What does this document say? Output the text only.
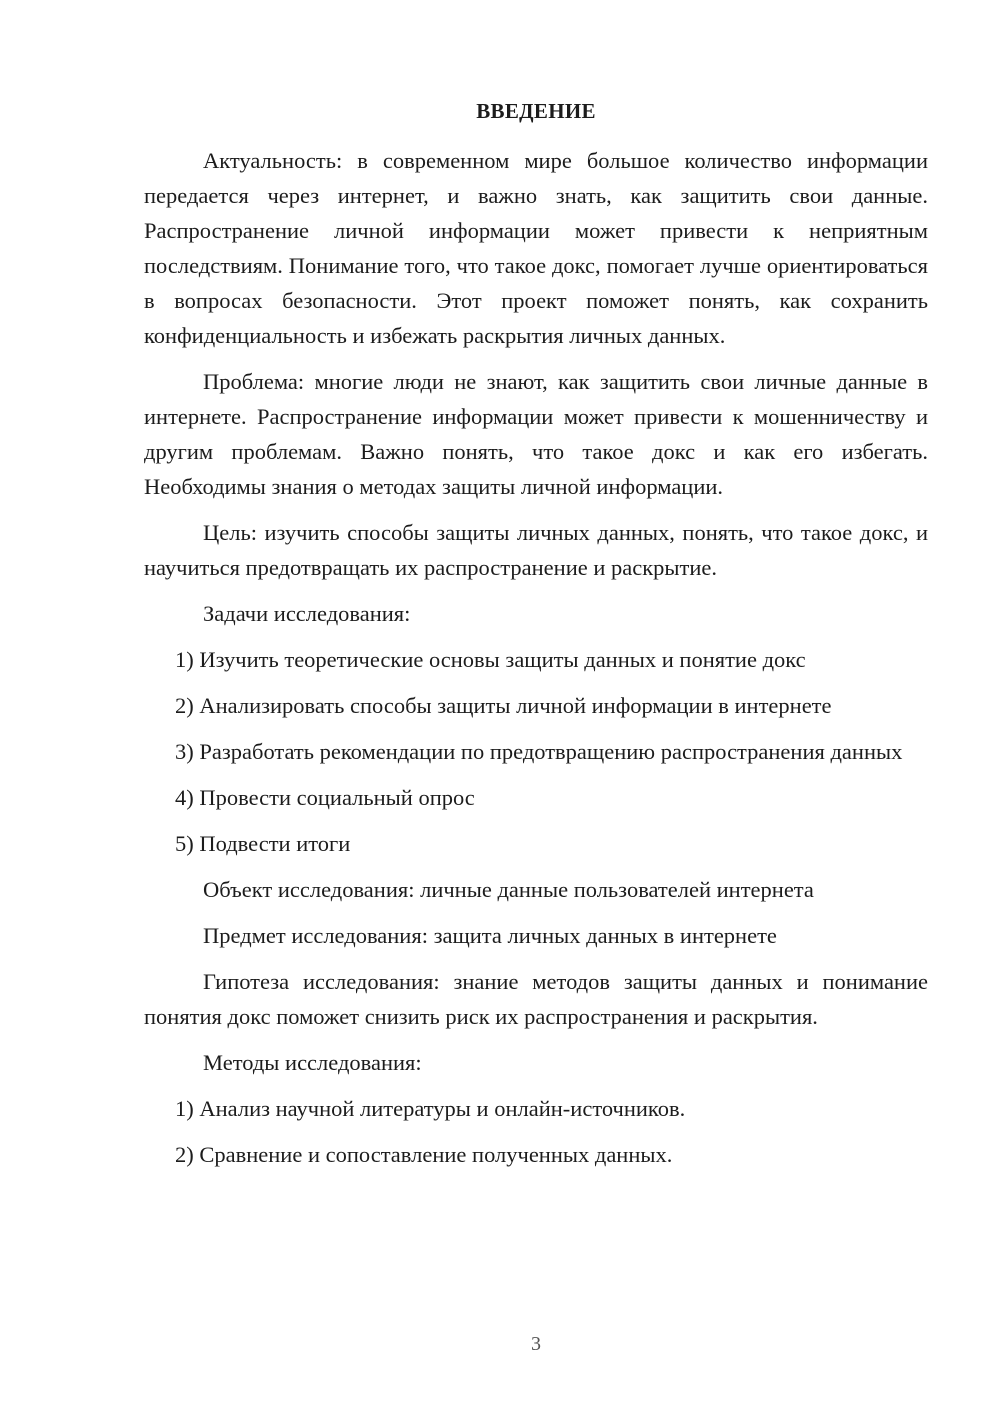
ВВЕДЕНИЕ

Актуальность: в современном мире большое количество информации передается через интернет, и важно знать, как защитить свои данные. Распространение личной информации может привести к неприятным последствиям. Понимание того, что такое докс, помогает лучше ориентироваться в вопросах безопасности. Этот проект поможет понять, как сохранить конфиденциальность и избежать раскрытия личных данных.

Проблема: многие люди не знают, как защитить свои личные данные в интернете. Распространение информации может привести к мошенничеству и другим проблемам. Важно понять, что такое докс и как его избегать. Необходимы знания о методах защиты личной информации.

Цель: изучить способы защиты личных данных, понять, что такое докс, и научиться предотвращать их распространение и раскрытие.

Задачи исследования:

1) Изучить теоретические основы защиты данных и понятие докс

2) Анализировать способы защиты личной информации в интернете

3) Разработать рекомендации по предотвращению распространения данных

4) Провести социальный опрос

5) Подвести итоги

Объект исследования: личные данные пользователей интернета

Предмет исследования: защита личных данных в интернете

Гипотеза исследования: знание методов защиты данных и понимание понятия докс поможет снизить риск их распространения и раскрытия.

Методы исследования:

1) Анализ научной литературы и онлайн-источников.

2) Сравнение и сопоставление полученных данных.

3
